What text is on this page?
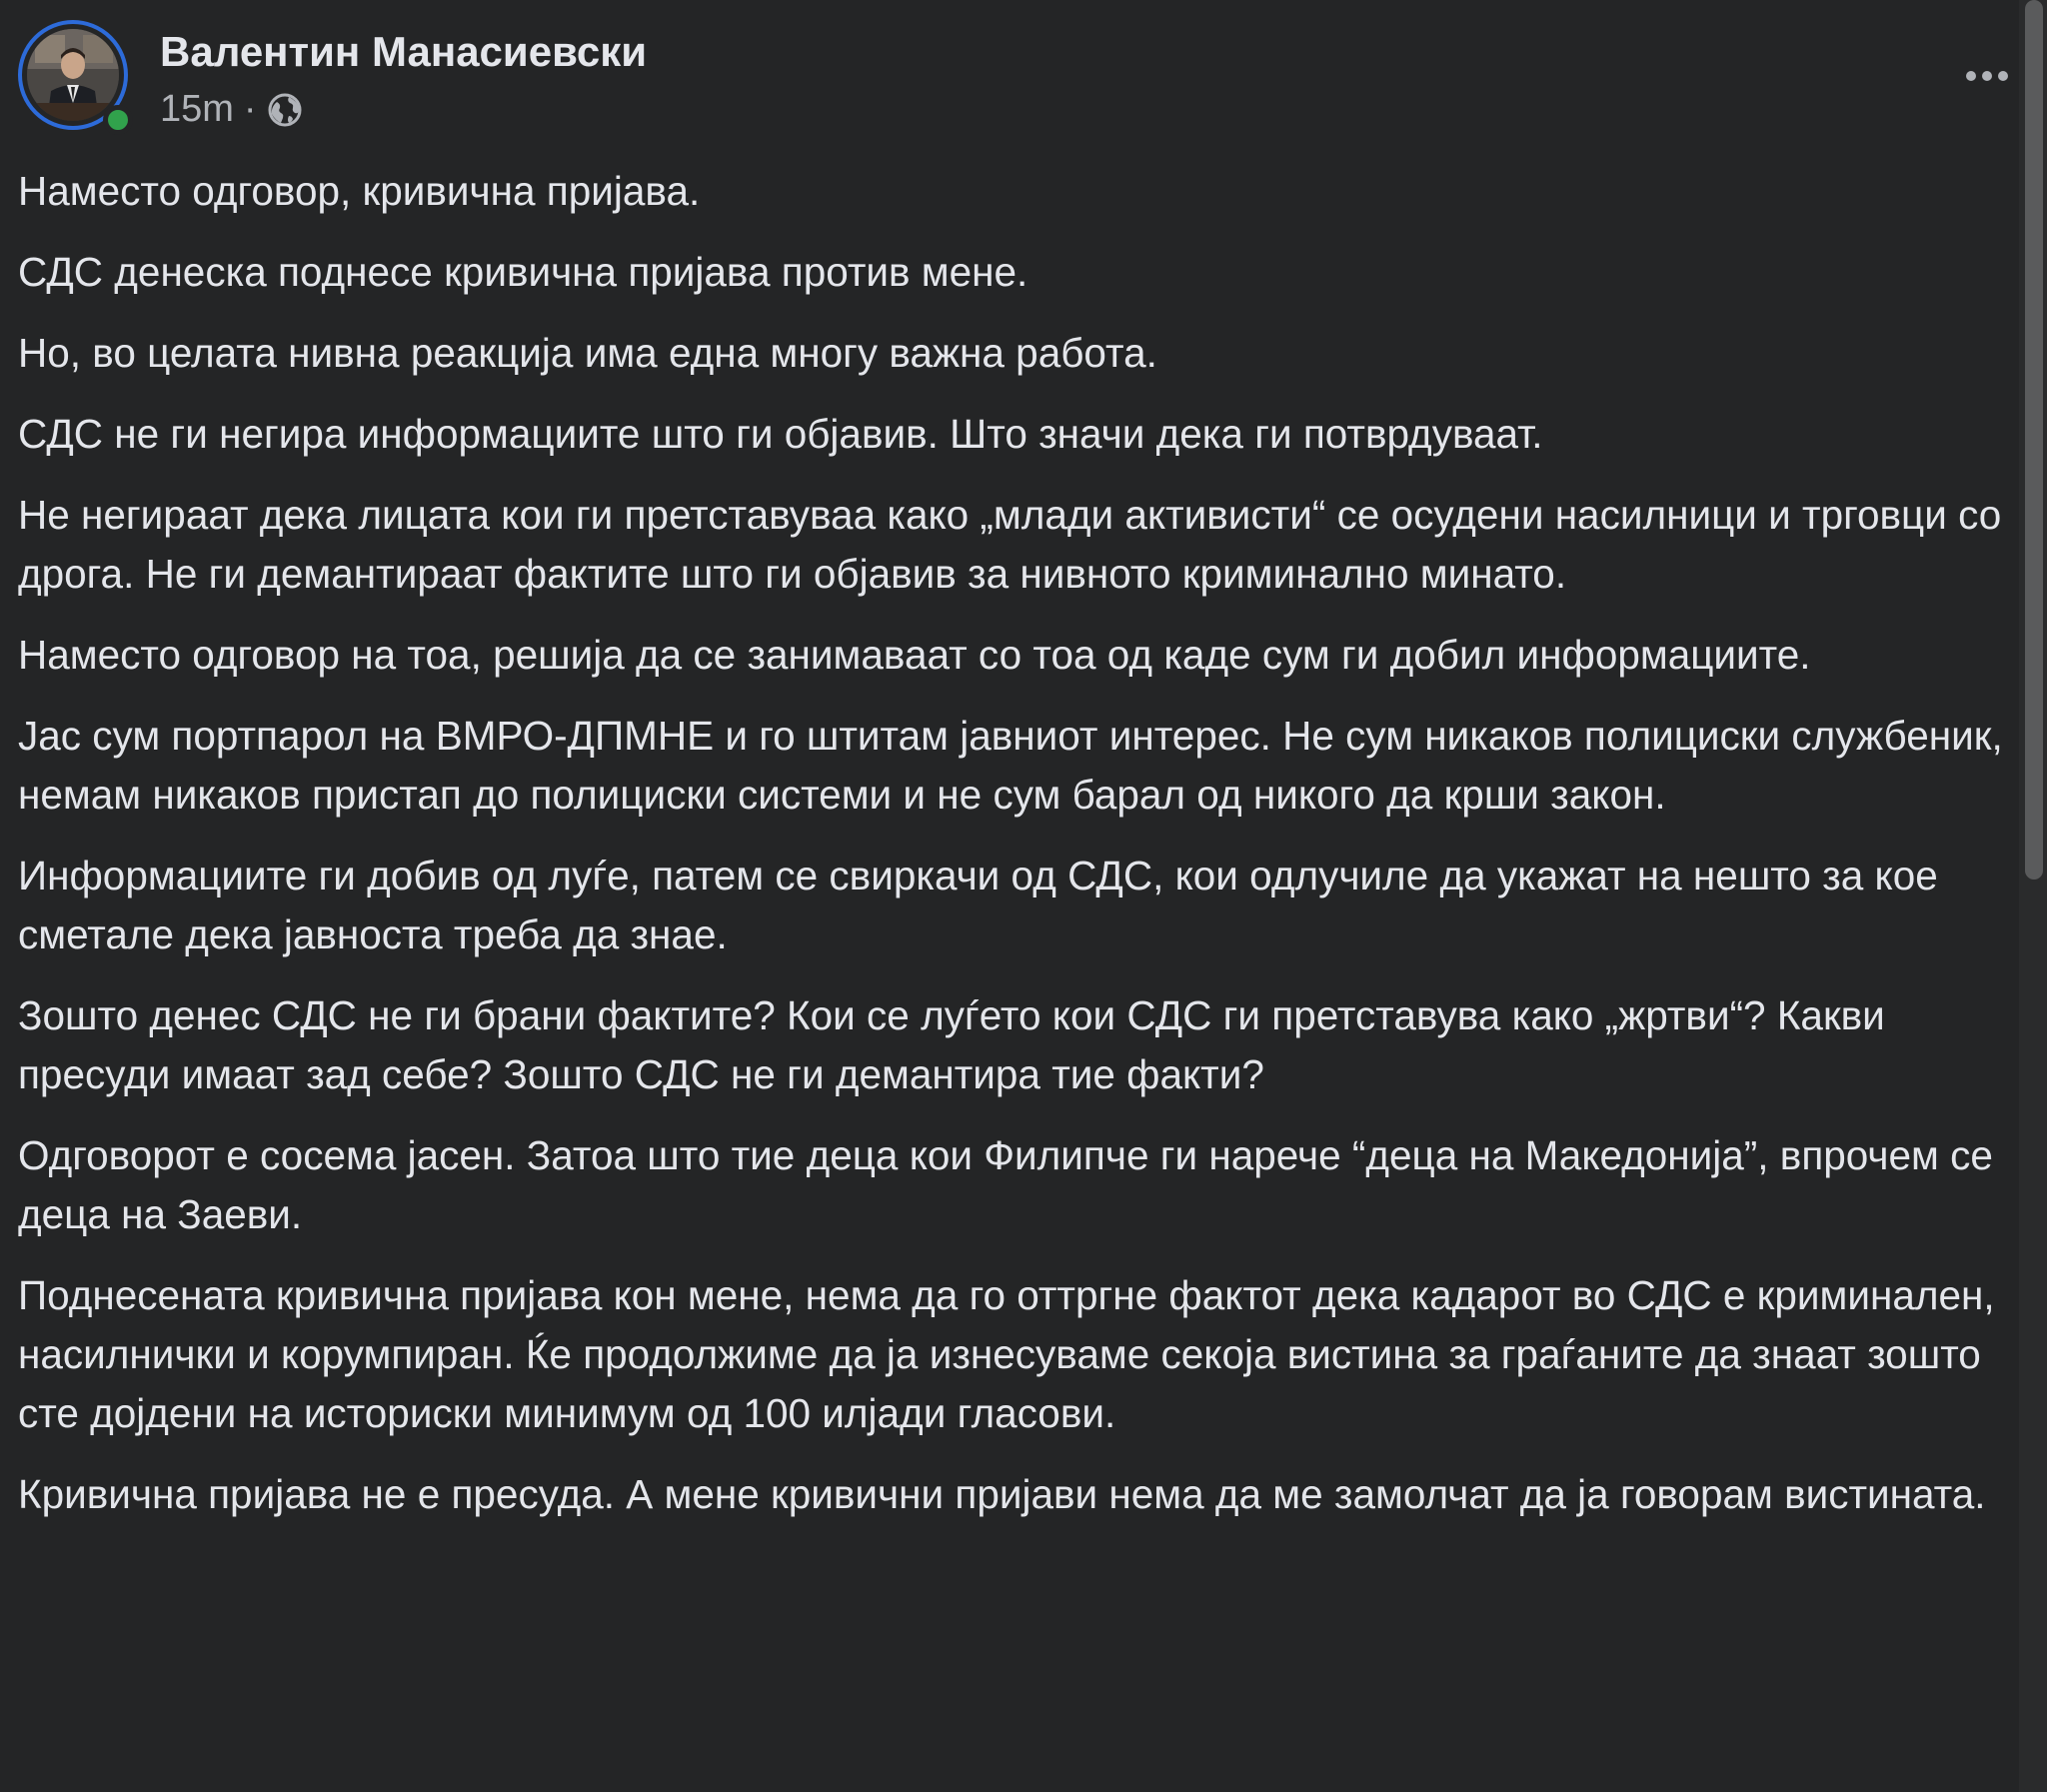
Валентин Манасиевски
15m ·

Наместо одговор, кривична пријава.

СДС денеска поднесе кривична пријава против мене.

Но, во целата нивна реакција има една многу важна работа.

СДС не ги негира информациите што ги објавив. Што значи дека ги потврдуваат.

Не негираат дека лицата кои ги претставуваа како „млади активисти“ се осудени насилници и трговци со дрога. Не ги демантираат фактите што ги објавив за нивното криминално минато.

Наместо одговор на тоа, решија да се занимаваат со тоа од каде сум ги добил информациите.

Јас сум портпарол на ВМРО-ДПМНЕ и го штитам јавниот интерес. Не сум никаков полициски службеник, немам никаков пристап до полициски системи и не сум барал од никого да крши закон.

Информациите ги добив од луѓе, патем се свиркачи од СДС, кои одлучиле да укажат на нешто за кое сметале дека јавноста треба да знае.

Зошто денес СДС не ги брани фактите? Кои се луѓето кои СДС ги претставува како „жртви“? Какви пресуди имаат зад себе? Зошто СДС не ги демантира тие факти?

Одговорот е сосема јасен. Затоа што тие деца кои Филипче ги нарече “деца на Македонија”, впрочем се деца на Заеви.

Поднесената кривична пријава кон мене, нема да го оттргне фактот дека кадарот во СДС е криминален, насилнички и корумпиран. Ќе продолжиме да ја изнесуваме секоја вистина за граѓаните да знаат зошто сте дојдени на историски минимум од 100 илјади гласови.

Кривична пријава не е пресуда. А мене кривични пријави нема да ме замолчат да ја говорам вистината.
